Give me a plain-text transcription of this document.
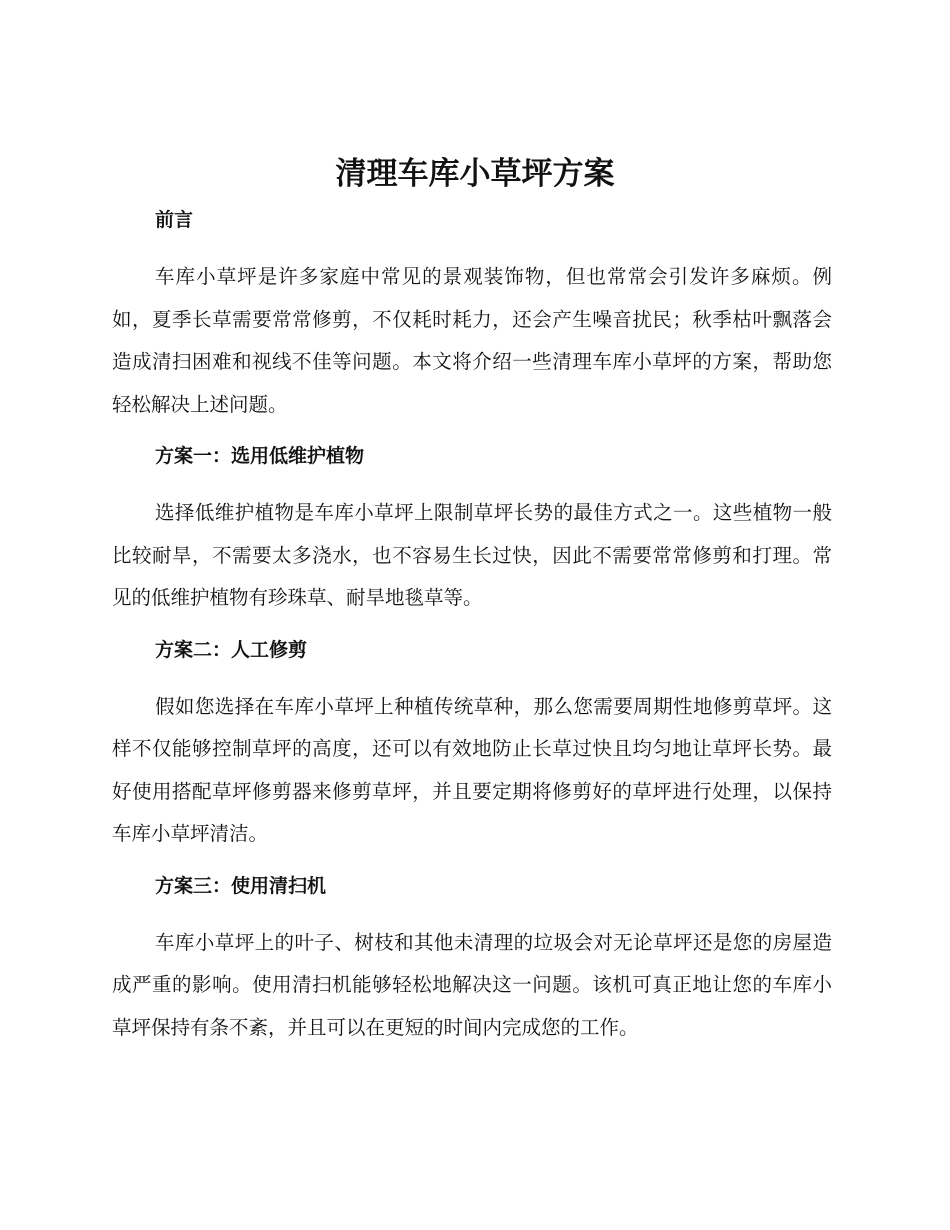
清理车库小草坪方案
前言

车库小草坪是许多家庭中常见的景观装饰物，但也常常会引发许多麻烦。例如，夏季长草需要常常修剪，不仅耗时耗力，还会产生噪音扰民；秋季枯叶飘落会造成清扫困难和视线不佳等问题。本文将介绍一些清理车库小草坪的方案，帮助您轻松解决上述问题。

方案一：选用低维护植物

选择低维护植物是车库小草坪上限制草坪长势的最佳方式之一。这些植物一般比较耐旱，不需要太多浇水，也不容易生长过快，因此不需要常常修剪和打理。常见的低维护植物有珍珠草、耐旱地毯草等。

方案二：人工修剪

假如您选择在车库小草坪上种植传统草种，那么您需要周期性地修剪草坪。这样不仅能够控制草坪的高度，还可以有效地防止长草过快且均匀地让草坪长势。最好使用搭配草坪修剪器来修剪草坪，并且要定期将修剪好的草坪进行处理，以保持车库小草坪清洁。

方案三：使用清扫机

车库小草坪上的叶子、树枝和其他未清理的垃圾会对无论草坪还是您的房屋造成严重的影响。使用清扫机能够轻松地解决这一问题。该机可真正地让您的车库小草坪保持有条不紊，并且可以在更短的时间内完成您的工作。
